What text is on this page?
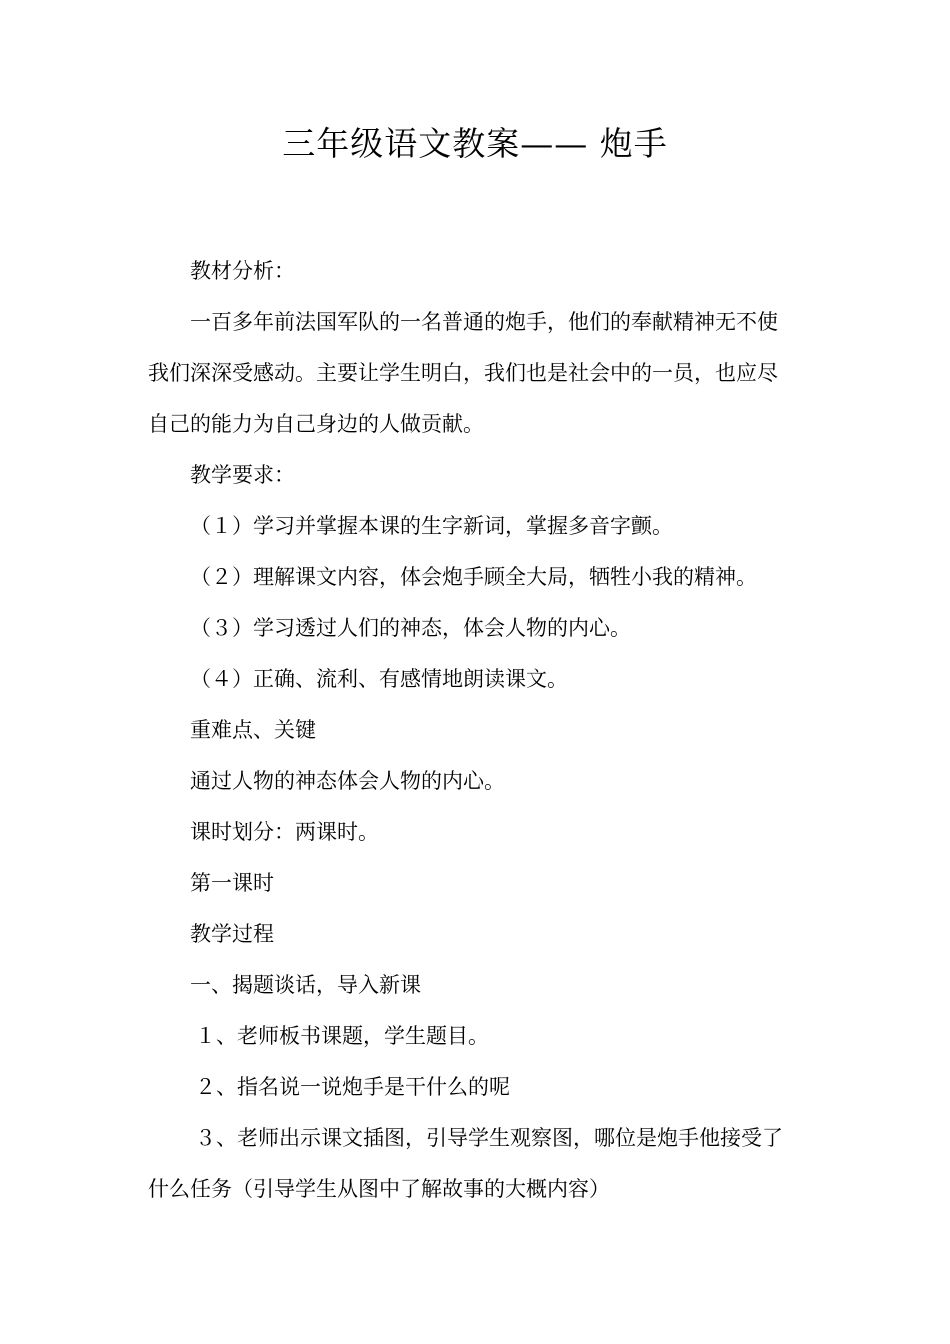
三年级语文教案—— 炮手

教材分析：

一百多年前法国军队的一名普通的炮手，他们的奉献精神无不使我们深深受感动。主要让学生明白，我们也是社会中的一员，也应尽自己的能力为自己身边的人做贡献。

教学要求：

（１）学习并掌握本课的生字新词，掌握多音字颤。

（２）理解课文内容，体会炮手顾全大局，牺牲小我的精神。

（３）学习透过人们的神态，体会人物的内心。

（４）正确、流利、有感情地朗读课文。

重难点、关键

通过人物的神态体会人物的内心。

课时划分：两课时。

第一课时

教学过程

一、揭题谈话，导入新课

１、老师板书课题，学生题目。

２、指名说一说炮手是干什么的呢

３、老师出示课文插图，引导学生观察图，哪位是炮手他接受了什么任务（引导学生从图中了解故事的大概内容）
